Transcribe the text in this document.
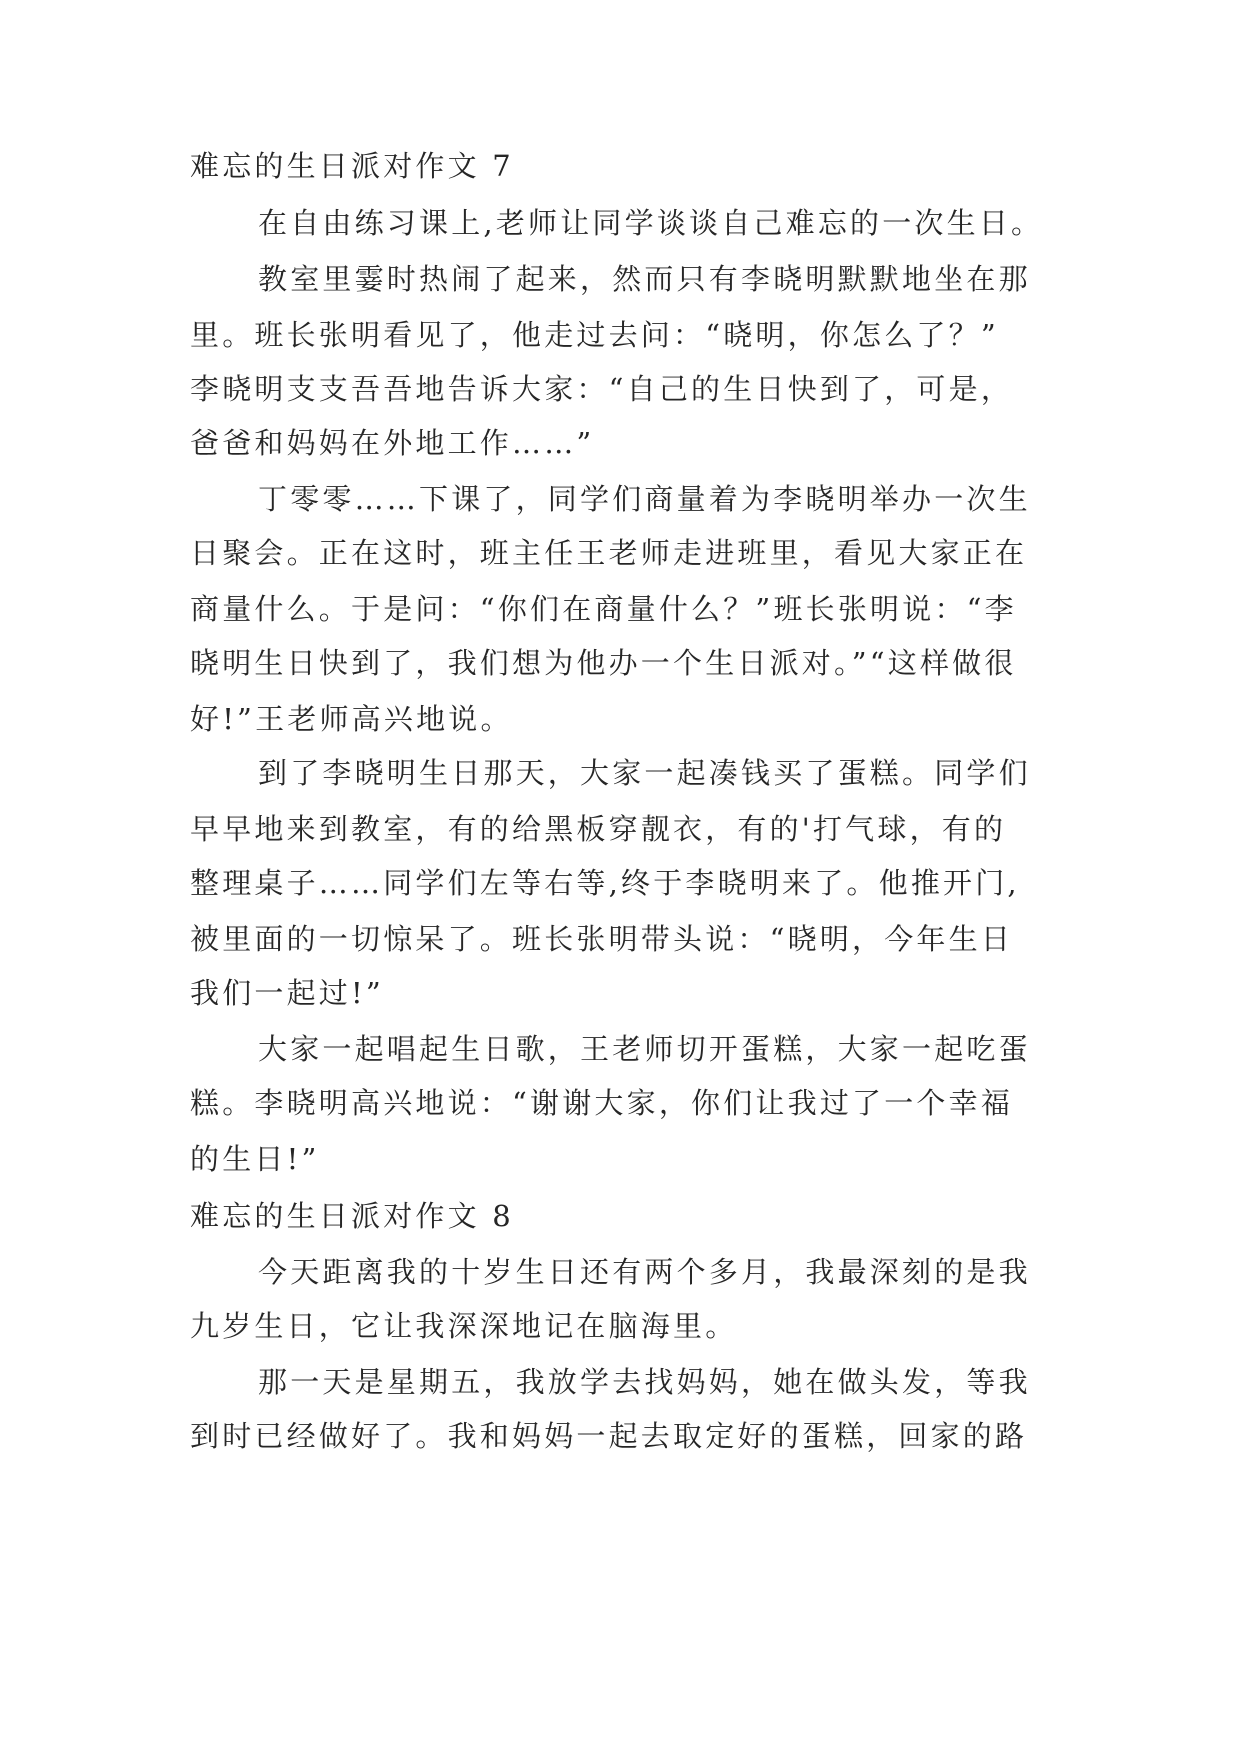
难忘的生日派对作文 7
在自由练习课上,老师让同学谈谈自己难忘的一次生日。
教室里霎时热闹了起来，然而只有李晓明默默地坐在那
里。班长张明看见了，他走过去问：“晓明，你怎么了？”
李晓明支支吾吾地告诉大家：“自己的生日快到了，可是，
爸爸和妈妈在外地工作……”
丁零零……下课了，同学们商量着为李晓明举办一次生
日聚会。正在这时，班主任王老师走进班里，看见大家正在
商量什么。于是问：“你们在商量什么？”班长张明说：“李
晓明生日快到了，我们想为他办一个生日派对。”“这样做很
好!”王老师高兴地说。
到了李晓明生日那天，大家一起凑钱买了蛋糕。同学们
早早地来到教室，有的给黑板穿靓衣，有的'打气球，有的
整理桌子……同学们左等右等,终于李晓明来了。他推开门,
被里面的一切惊呆了。班长张明带头说：“晓明，今年生日
我们一起过!”
大家一起唱起生日歌，王老师切开蛋糕，大家一起吃蛋
糕。李晓明高兴地说：“谢谢大家，你们让我过了一个幸福
的生日!”
难忘的生日派对作文 8
今天距离我的十岁生日还有两个多月，我最深刻的是我
九岁生日，它让我深深地记在脑海里。
那一天是星期五，我放学去找妈妈，她在做头发，等我
到时已经做好了。我和妈妈一起去取定好的蛋糕，回家的路
